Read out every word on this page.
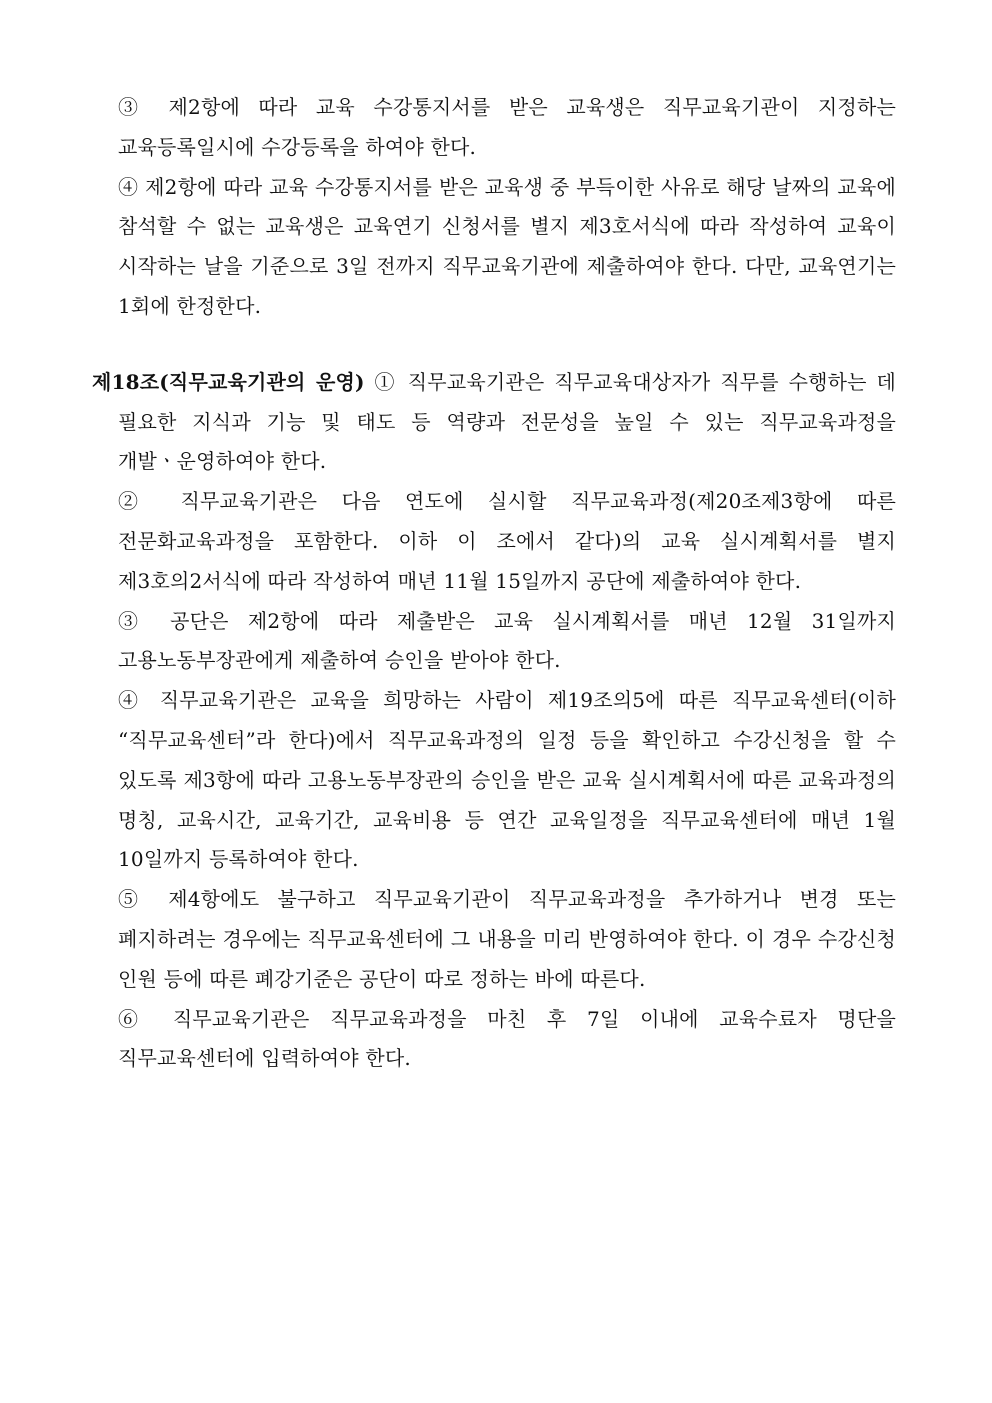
③ 제2항에 따라 교육 수강통지서를 받은 교육생은 직무교육기관이 지정하는 교육등록일시에 수강등록을 하여야 한다.

④ 제2항에 따라 교육 수강통지서를 받은 교육생 중 부득이한 사유로 해당 날짜의 교육에 참석할 수 없는 교육생은 교육연기 신청서를 별지 제3호서식에 따라 작성하여 교육이 시작하는 날을 기준으로 3일 전까지 직무교육기관에 제출하여야 한다. 다만, 교육연기는 1회에 한정한다.

제18조(직무교육기관의 운영) ① 직무교육기관은 직무교육대상자가 직무를 수행하는 데 필요한 지식과 기능 및 태도 등 역량과 전문성을 높일 수 있는 직무교육과정을 개발ㆍ운영하여야 한다.

② 직무교육기관은 다음 연도에 실시할 직무교육과정(제20조제3항에 따른 전문화교육과정을 포함한다. 이하 이 조에서 같다)의 교육 실시계획서를 별지 제3호의2서식에 따라 작성하여 매년 11월 15일까지 공단에 제출하여야 한다.

③ 공단은 제2항에 따라 제출받은 교육 실시계획서를 매년 12월 31일까지 고용노동부장관에게 제출하여 승인을 받아야 한다.

④ 직무교육기관은 교육을 희망하는 사람이 제19조의5에 따른 직무교육센터(이하 “직무교육센터”라 한다)에서 직무교육과정의 일정 등을 확인하고 수강신청을 할 수 있도록 제3항에 따라 고용노동부장관의 승인을 받은 교육 실시계획서에 따른 교육과정의 명칭, 교육시간, 교육기간, 교육비용 등 연간 교육일정을 직무교육센터에 매년 1월 10일까지 등록하여야 한다.

⑤ 제4항에도 불구하고 직무교육기관이 직무교육과정을 추가하거나 변경 또는 폐지하려는 경우에는 직무교육센터에 그 내용을 미리 반영하여야 한다. 이 경우 수강신청 인원 등에 따른 폐강기준은 공단이 따로 정하는 바에 따른다.

⑥ 직무교육기관은 직무교육과정을 마친 후 7일 이내에 교육수료자 명단을 직무교육센터에 입력하여야 한다.
